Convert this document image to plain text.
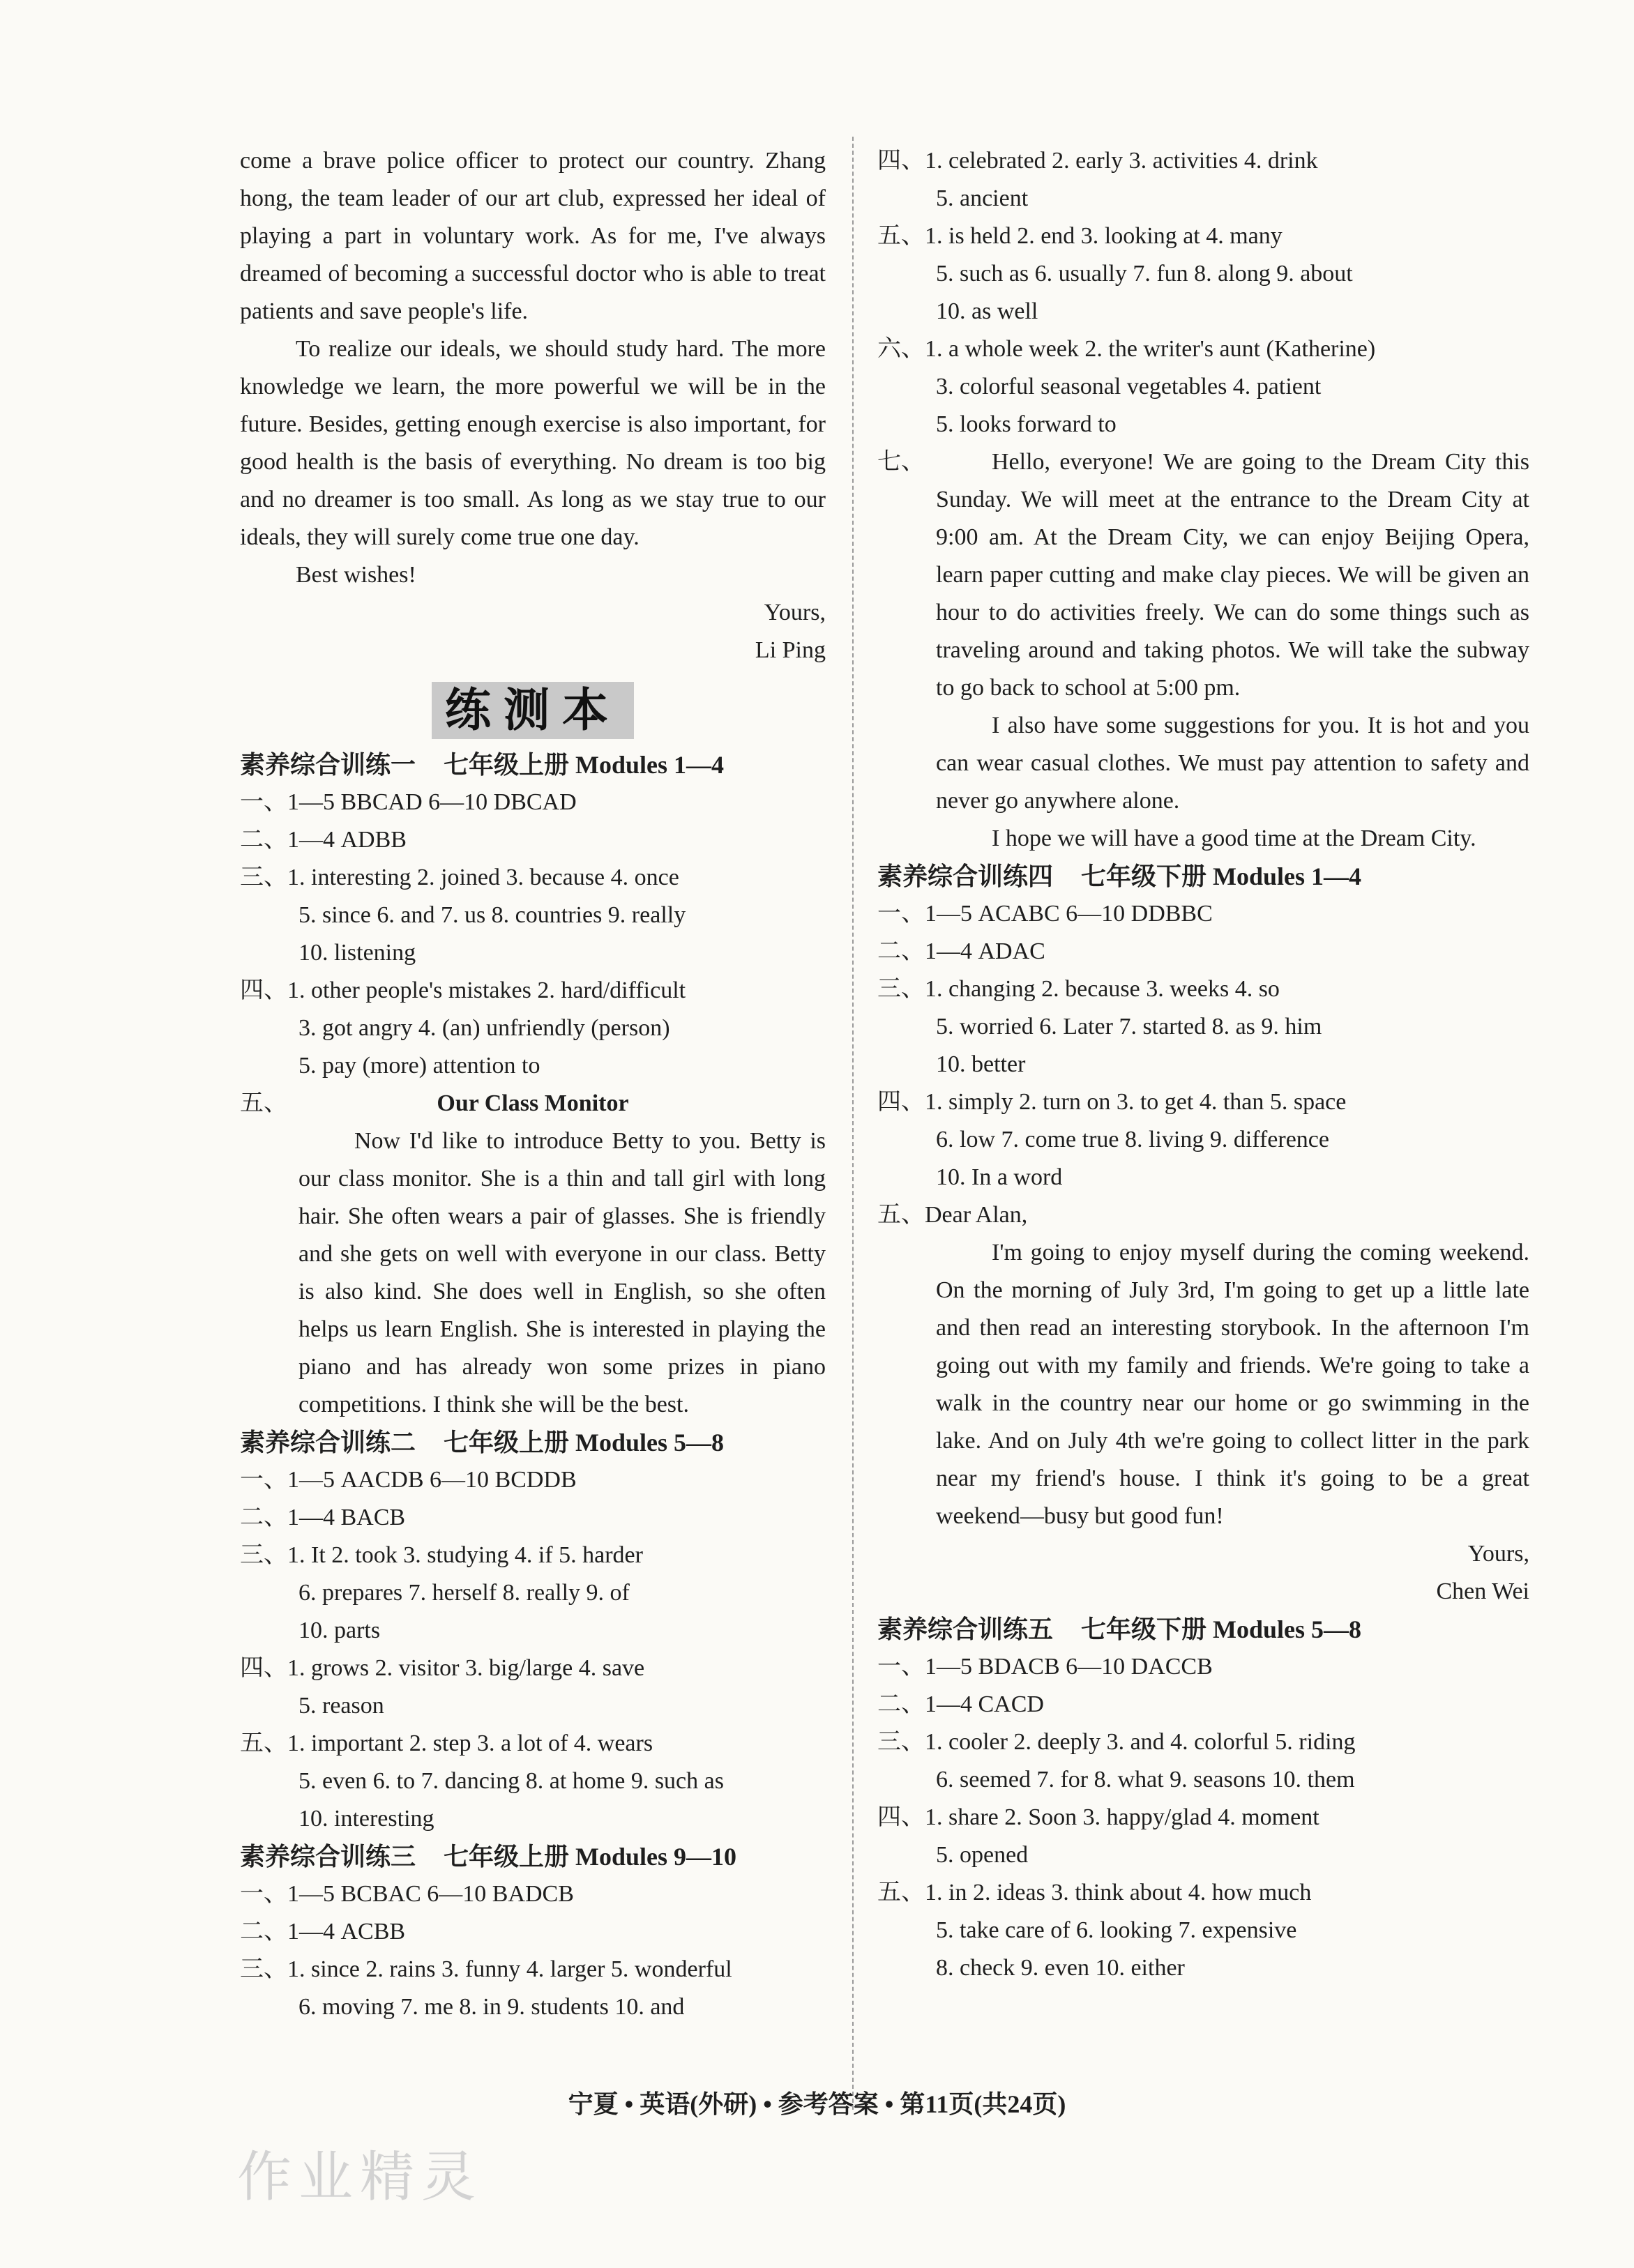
come a brave police officer to protect our country. Zhang hong, the team leader of our art club, expressed her ideal of playing a part in voluntary work. As for me, I've always dreamed of becoming a successful doctor who is able to treat patients and save people's life.

To realize our ideals, we should study hard. The more knowledge we learn, the more powerful we will be in the future. Besides, getting enough exercise is also important, for good health is the basis of everything. No dream is too big and no dreamer is too small. As long as we stay true to our ideals, they will surely come true one day.

Best wishes!

Yours,

Li Ping

练测本

素养综合训练一 七年级上册 Modules 1—4

一、1—5 BBCAD 6—10 DBCAD

二、1—4 ADBB

三、1. interesting 2. joined 3. because 4. once

5. since 6. and 7. us 8. countries 9. really

10. listening

四、1. other people's mistakes 2. hard/difficult

3. got angry 4. (an) unfriendly (person)

5. pay (more) attention to

五、	Our Class Monitor

Now I'd like to introduce Betty to you. Betty is our class monitor. She is a thin and tall girl with long hair. She often wears a pair of glasses. She is friendly and she gets on well with everyone in our class. Betty is also kind. She does well in English, so she often helps us learn English. She is interested in playing the piano and has already won some prizes in piano competitions. I think she will be the best.

素养综合训练二 七年级上册 Modules 5—8

一、1—5 AACDB 6—10 BCDDB

二、1—4 BACB

三、1. It 2. took 3. studying 4. if 5. harder

6. prepares 7. herself 8. really 9. of

10. parts

四、1. grows 2. visitor 3. big/large 4. save

5. reason

五、1. important 2. step 3. a lot of 4. wears

5. even 6. to 7. dancing 8. at home 9. such as

10. interesting

素养综合训练三 七年级上册 Modules 9—10

一、1—5 BCBAC 6—10 BADCB

二、1—4 ACBB

三、1. since 2. rains 3. funny 4. larger 5. wonderful

6. moving 7. me 8. in 9. students 10. and

四、1. celebrated 2. early 3. activities 4. drink

5. ancient

五、1. is held 2. end 3. looking at 4. many

5. such as 6. usually 7. fun 8. along 9. about

10. as well

六、1. a whole week 2. the writer's aunt (Katherine)

3. colorful seasonal vegetables 4. patient

5. looks forward to

七、	Hello, everyone! We are going to the Dream City this Sunday. We will meet at the entrance to the Dream City at 9:00 am. At the Dream City, we can enjoy Beijing Opera, learn paper cutting and make clay pieces. We will be given an hour to do activities freely. We can do some things such as traveling around and taking photos. We will take the subway to go back to school at 5:00 pm.

I also have some suggestions for you. It is hot and you can wear casual clothes. We must pay attention to safety and never go anywhere alone.

I hope we will have a good time at the Dream City.

素养综合训练四 七年级下册 Modules 1—4

一、1—5 ACABC 6—10 DDBBC

二、1—4 ADAC

三、1. changing 2. because 3. weeks 4. so

5. worried 6. Later 7. started 8. as 9. him

10. better

四、1. simply 2. turn on 3. to get 4. than 5. space

6. low 7. come true 8. living 9. difference

10. In a word

五、Dear Alan,

I'm going to enjoy myself during the coming weekend. On the morning of July 3rd, I'm going to get up a little late and then read an interesting storybook. In the afternoon I'm going out with my family and friends. We're going to take a walk in the country near our home or go swimming in the lake. And on July 4th we're going to collect litter in the park near my friend's house. I think it's going to be a great weekend—busy but good fun!

Yours,

Chen Wei

素养综合训练五 七年级下册 Modules 5—8

一、1—5 BDACB 6—10 DACCB

二、1—4 CACD

三、1. cooler 2. deeply 3. and 4. colorful 5. riding

6. seemed 7. for 8. what 9. seasons 10. them

四、1. share 2. Soon 3. happy/glad 4. moment

5. opened

五、1. in 2. ideas 3. think about 4. how much

5. take care of 6. looking 7. expensive

8. check 9. even 10. either

宁夏 • 英语(外研) • 参考答案 • 第11页(共24页)
作业精灵
